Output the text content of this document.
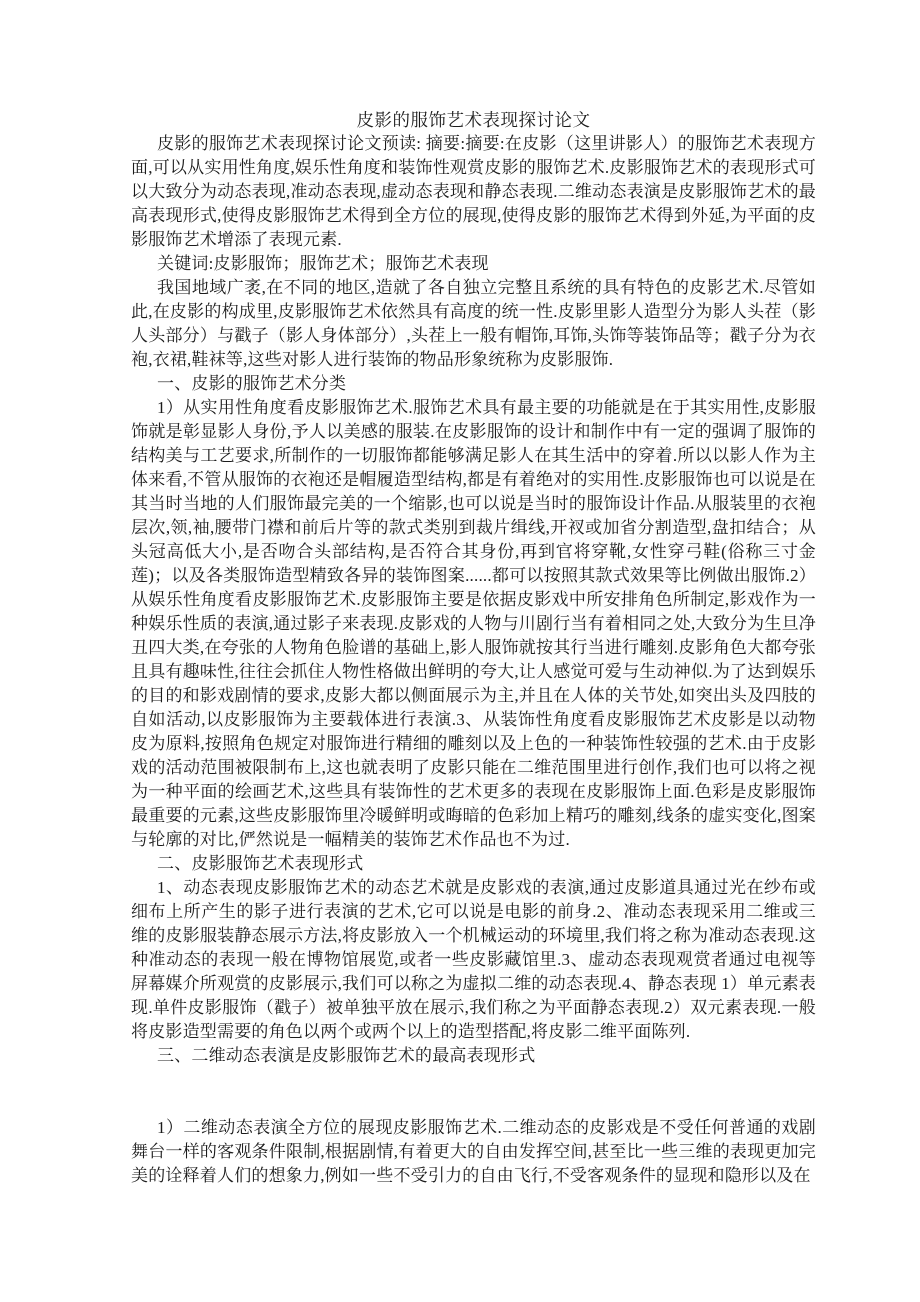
皮影的服饰艺术表现探讨论文

皮影的服饰艺术表现探讨论文预读: 摘要:摘要:在皮影（这里讲影人）的服饰艺术表现方面,可以从实用性角度,娱乐性角度和装饰性观赏皮影的服饰艺术.皮影服饰艺术的表现形式可以大致分为动态表现,准动态表现,虚动态表现和静态表现.二维动态表演是皮影服饰艺术的最高表现形式,使得皮影服饰艺术得到全方位的展现,使得皮影的服饰艺术得到外延,为平面的皮影服饰艺术增添了表现元素.

关键词:皮影服饰；服饰艺术；服饰艺术表现

我国地域广袤,在不同的地区,造就了各自独立完整且系统的具有特色的皮影艺术.尽管如此,在皮影的构成里,皮影服饰艺术依然具有高度的统一性.皮影里影人造型分为影人头茬（影人头部分）与戳子（影人身体部分）,头茬上一般有帽饰,耳饰,头饰等装饰品等；戳子分为衣袍,衣裙,鞋袜等,这些对影人进行装饰的物品形象统称为皮影服饰.

一、皮影的服饰艺术分类

1）从实用性角度看皮影服饰艺术.服饰艺术具有最主要的功能就是在于其实用性,皮影服饰就是彰显影人身份,予人以美感的服装.在皮影服饰的设计和制作中有一定的强调了服饰的结构美与工艺要求,所制作的一切服饰都能够满足影人在其生活中的穿着.所以以影人作为主体来看,不管从服饰的衣袍还是帽履造型结构,都是有着绝对的实用性.皮影服饰也可以说是在其当时当地的人们服饰最完美的一个缩影,也可以说是当时的服饰设计作品.从服装里的衣袍层次,领,袖,腰带门襟和前后片等的款式类别到裁片缉线,开衩或加省分割造型,盘扣结合；从头冠高低大小,是否吻合头部结构,是否符合其身份,再到官将穿靴,女性穿弓鞋(俗称三寸金莲)；以及各类服饰造型精致各异的装饰图案......都可以按照其款式效果等比例做出服饰.2）从娱乐性角度看皮影服饰艺术.皮影服饰主要是依据皮影戏中所安排角色所制定,影戏作为一种娱乐性质的表演,通过影子来表现.皮影戏的人物与川剧行当有着相同之处,大致分为生旦净丑四大类,在夸张的人物角色脸谱的基础上,影人服饰就按其行当进行雕刻.皮影角色大都夸张且具有趣味性,往往会抓住人物性格做出鲜明的夸大,让人感觉可爱与生动神似.为了达到娱乐的目的和影戏剧情的要求,皮影大都以侧面展示为主,并且在人体的关节处,如突出头及四肢的自如活动,以皮影服饰为主要载体进行表演.3、从装饰性角度看皮影服饰艺术皮影是以动物皮为原料,按照角色规定对服饰进行精细的雕刻以及上色的一种装饰性较强的艺术.由于皮影戏的活动范围被限制布上,这也就表明了皮影只能在二维范围里进行创作,我们也可以将之视为一种平面的绘画艺术,这些具有装饰性的艺术更多的表现在皮影服饰上面.色彩是皮影服饰最重要的元素,这些皮影服饰里冷暖鲜明或晦暗的色彩加上精巧的雕刻,线条的虚实变化,图案与轮廓的对比,俨然说是一幅精美的装饰艺术作品也不为过.

二、皮影服饰艺术表现形式

1、动态表现皮影服饰艺术的动态艺术就是皮影戏的表演,通过皮影道具通过光在纱布或细布上所产生的影子进行表演的艺术,它可以说是电影的前身.2、准动态表现采用二维或三维的皮影服装静态展示方法,将皮影放入一个机械运动的环境里,我们将之称为准动态表现.这种准动态的表现一般在博物馆展览,或者一些皮影藏馆里.3、虚动态表现观赏者通过电视等屏幕媒介所观赏的皮影展示,我们可以称之为虚拟二维的动态表现.4、静态表现 1）单元素表现.单件皮影服饰（戳子）被单独平放在展示,我们称之为平面静态表现.2）双元素表现.一般将皮影造型需要的角色以两个或两个以上的造型搭配,将皮影二维平面陈列.

三、二维动态表演是皮影服饰艺术的最高表现形式

1）二维动态表演全方位的展现皮影服饰艺术.二维动态的皮影戏是不受任何普通的戏剧舞台一样的客观条件限制,根据剧情,有着更大的自由发挥空间,甚至比一些三维的表现更加完美的诠释着人们的想象力,例如一些不受引力的自由飞行,不受客观条件的显现和隐形以及在
